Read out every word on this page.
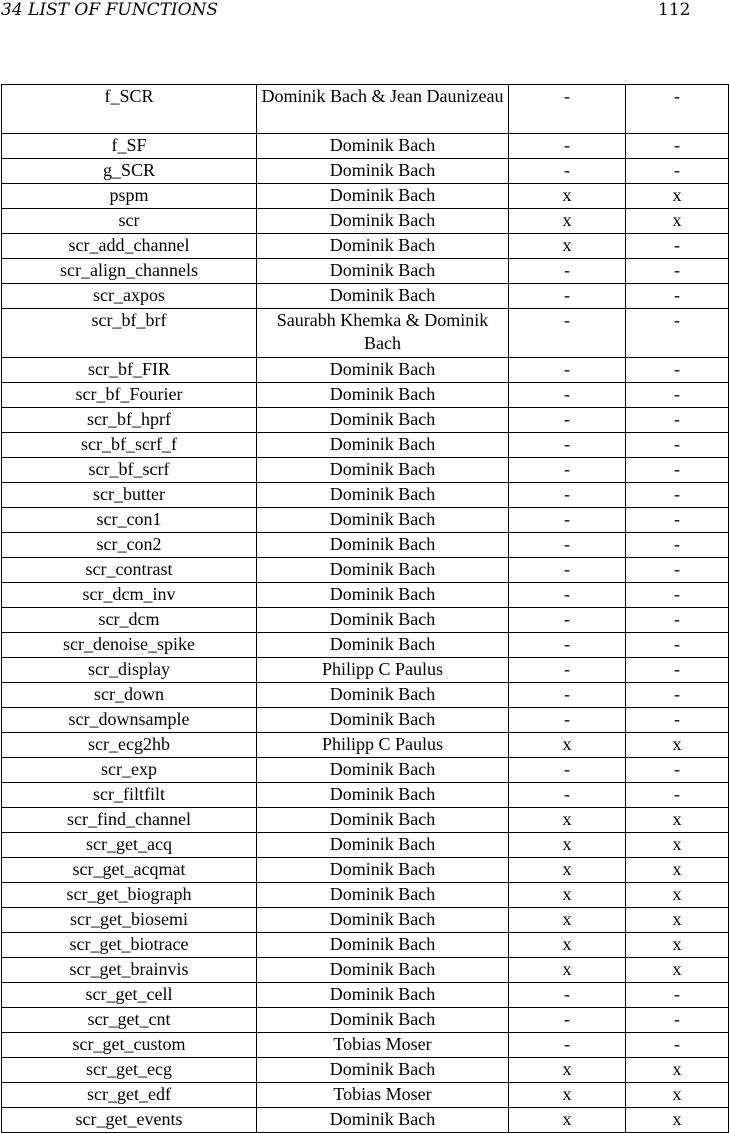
34 LIST OF FUNCTIONS	112
f_SCR	Dominik Bach & Jean Daunizeau	-	-
f_SF	Dominik Bach	-	-
g_SCR	Dominik Bach	-	-
pspm	Dominik Bach	x	x
scr	Dominik Bach	x	x
scr_add_channel	Dominik Bach	x	-
scr_align_channels	Dominik Bach	-	-
scr_axpos	Dominik Bach	-	-
scr_bf_brf	Saurabh Khemka & Dominik Bach	-	-
scr_bf_FIR	Dominik Bach	-	-
scr_bf_Fourier	Dominik Bach	-	-
scr_bf_hprf	Dominik Bach	-	-
scr_bf_scrf_f	Dominik Bach	-	-
scr_bf_scrf	Dominik Bach	-	-
scr_butter	Dominik Bach	-	-
scr_con1	Dominik Bach	-	-
scr_con2	Dominik Bach	-	-
scr_contrast	Dominik Bach	-	-
scr_dcm_inv	Dominik Bach	-	-
scr_dcm	Dominik Bach	-	-
scr_denoise_spike	Dominik Bach	-	-
scr_display	Philipp C Paulus	-	-
scr_down	Dominik Bach	-	-
scr_downsample	Dominik Bach	-	-
scr_ecg2hb	Philipp C Paulus	x	x
scr_exp	Dominik Bach	-	-
scr_filtfilt	Dominik Bach	-	-
scr_find_channel	Dominik Bach	x	x
scr_get_acq	Dominik Bach	x	x
scr_get_acqmat	Dominik Bach	x	x
scr_get_biograph	Dominik Bach	x	x
scr_get_biosemi	Dominik Bach	x	x
scr_get_biotrace	Dominik Bach	x	x
scr_get_brainvis	Dominik Bach	x	x
scr_get_cell	Dominik Bach	-	-
scr_get_cnt	Dominik Bach	-	-
scr_get_custom	Tobias Moser	-	-
scr_get_ecg	Dominik Bach	x	x
scr_get_edf	Tobias Moser	x	x
scr_get_events	Dominik Bach	x	x
